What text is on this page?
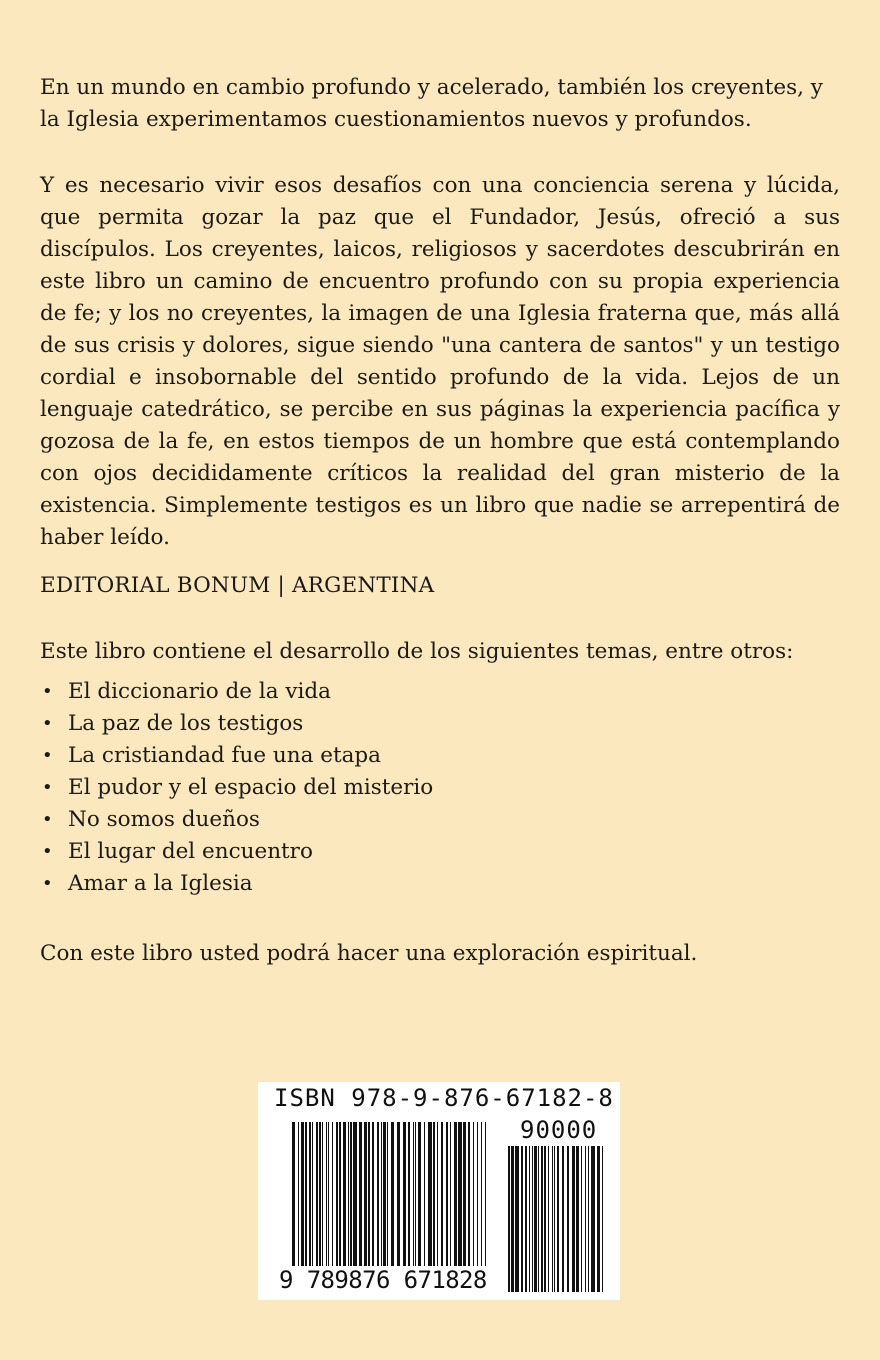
En un mundo en cambio profundo y acelerado, también los creyentes, y la Iglesia experimentamos cuestionamientos nuevos y profundos.

Y es necesario vivir esos desafíos con una conciencia serena y lúcida, que permita gozar la paz que el Fundador, Jesús, ofreció a sus discípulos. Los creyentes, laicos, religiosos y sacerdotes descubrirán en este libro un camino de encuentro profundo con su propia experiencia de fe; y los no creyentes, la imagen de una Iglesia fraterna que, más allá de sus crisis y dolores, sigue siendo "una cantera de santos" y un testigo cordial e insobornable del sentido profundo de la vida. Lejos de un lenguaje catedrático, se percibe en sus páginas la experiencia pacífica y gozosa de la fe, en estos tiempos de un hombre que está contemplando con ojos decididamente críticos la realidad del gran misterio de la existencia. Simplemente testigos es un libro que nadie se arrepentirá de haber leído.

EDITORIAL BONUM | ARGENTINA

Este libro contiene el desarrollo de los siguientes temas, entre otros:

• El diccionario de la vida
• La paz de los testigos
• La cristiandad fue una etapa
• El pudor y el espacio del misterio
• No somos dueños
• El lugar del encuentro
• Amar a la Iglesia

Con este libro usted podrá hacer una exploración espiritual.

ISBN 978-9-876-67182-8
90000
9 789876 671828
